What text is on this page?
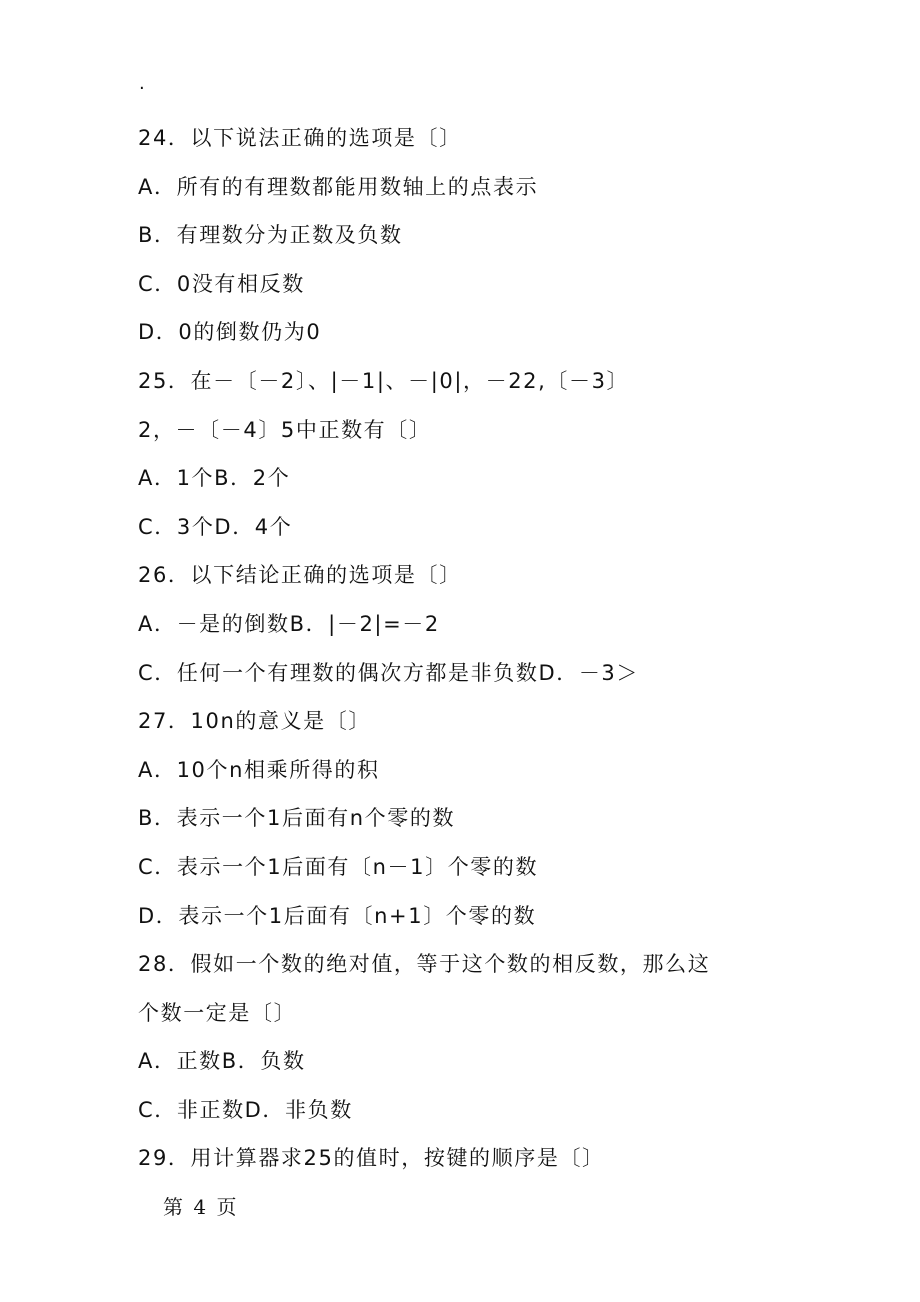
.
24．以下说法正确的选项是〔〕
A．所有的有理数都能用数轴上的点表示
B．有理数分为正数及负数
C．0没有相反数
D．0的倒数仍为0
25．在－〔－2〕、|－1|、－|0|，－22,〔－3〕
2，－〔－4〕5中正数有〔〕
A．1个B．2个
C．3个D．4个
26．以下结论正确的选项是〔〕
A．－是的倒数B．|－2|=－2
C．任何一个有理数的偶次方都是非负数D．－3＞
27．10n的意义是〔〕
A．10个n相乘所得的积
B．表示一个1后面有n个零的数
C．表示一个1后面有〔n－1〕个零的数
D．表示一个1后面有〔n+1〕个零的数
28．假如一个数的绝对值，等于这个数的相反数，那么这
个数一定是〔〕
A．正数B．负数
C．非正数D．非负数
29．用计算器求25的值时，按键的顺序是〔〕
第 4 页
